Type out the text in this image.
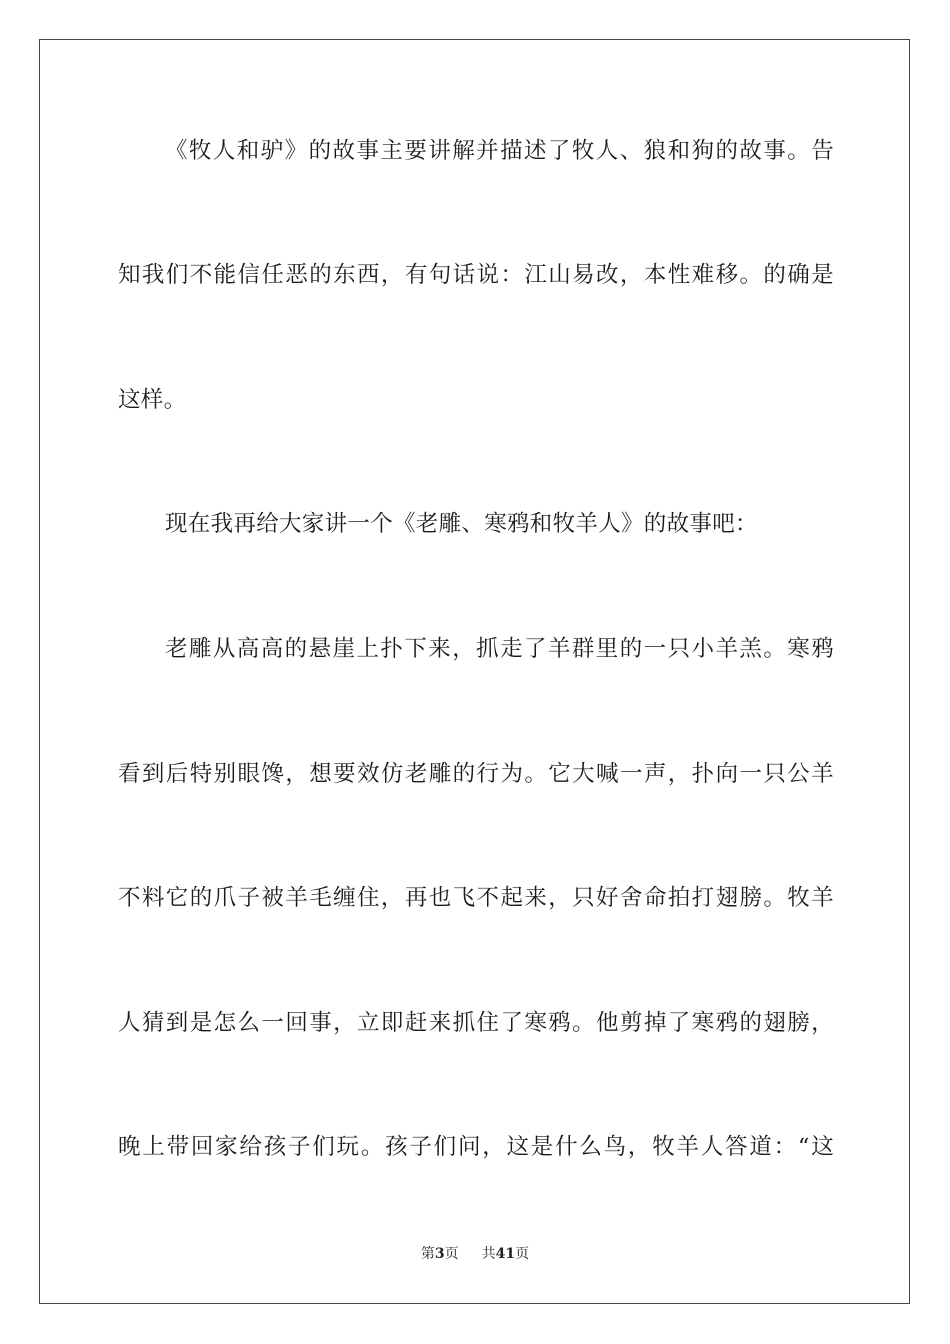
《牧人和驴》的故事主要讲解并描述了牧人、狼和狗的故事。告
知我们不能信任恶的东西，有句话说：江山易改，本性难移。的确是
这样。
现在我再给大家讲一个《老雕、寒鸦和牧羊人》的故事吧：
老雕从高高的悬崖上扑下来，抓走了羊群里的一只小羊羔。寒鸦
看到后特别眼馋，想要效仿老雕的行为。它大喊一声，扑向一只公羊
不料它的爪子被羊毛缠住，再也飞不起来，只好舍命拍打翅膀。牧羊
人猜到是怎么一回事，立即赶来抓住了寒鸦。他剪掉了寒鸦的翅膀，
晚上带回家给孩子们玩。孩子们问，这是什么鸟，牧羊人答道：“这
第3页 共41页
